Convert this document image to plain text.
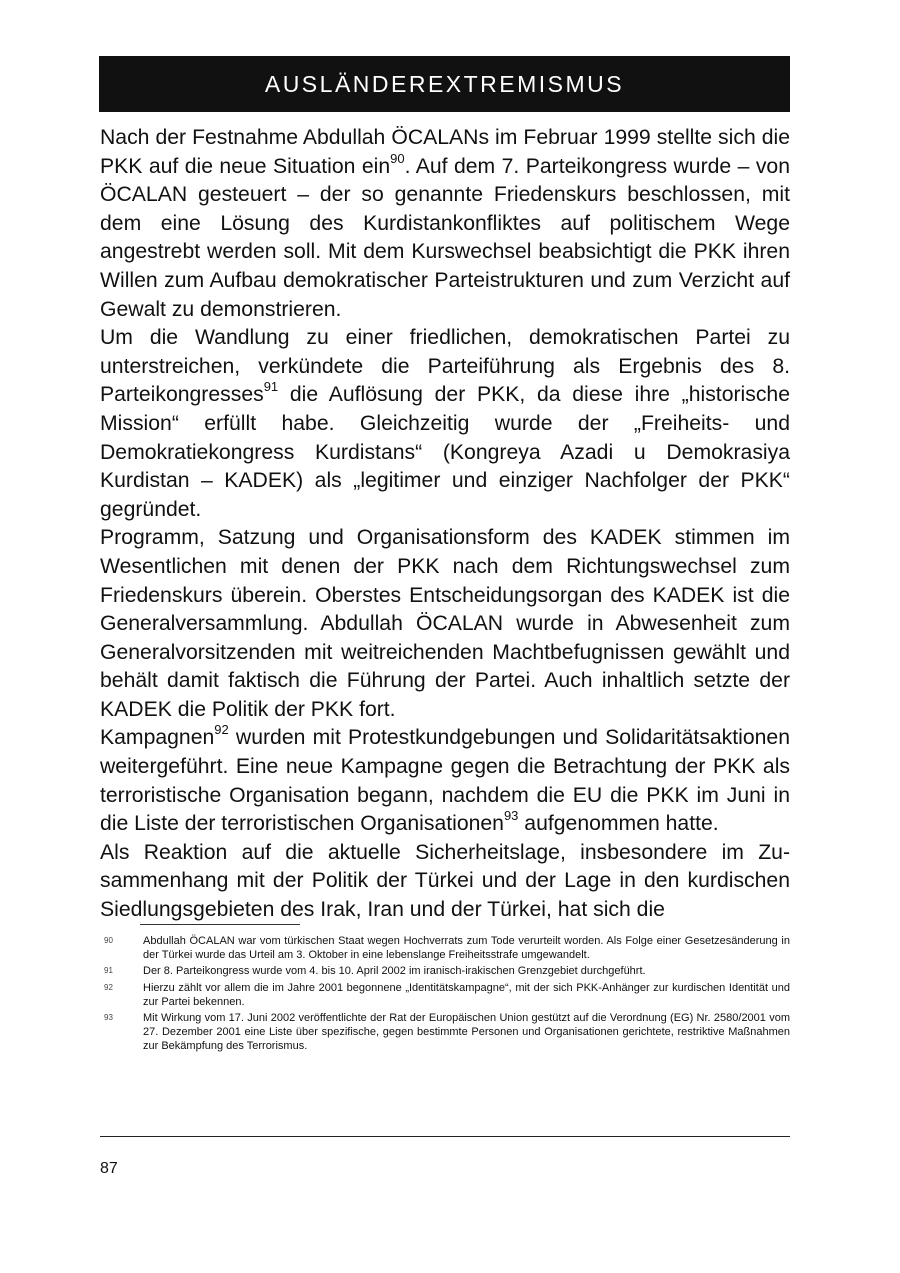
AUSLÄNDEREXTREMISMUS

Nach der Festnahme Abdullah ÖCALANs im Februar 1999 stellte sich die PKK auf die neue Situation ein$^{90}$. Auf dem 7. Parteikongress wurde – von ÖCALAN gesteuert – der so genannte Friedenskurs beschlossen, mit dem eine Lösung des Kurdistankonfliktes auf politischem Wege angestrebt werden soll. Mit dem Kurswechsel beabsichtigt die PKK ihren Willen zum Aufbau demokratischer Parteistrukturen und zum Verzicht auf Gewalt zu demonstrieren.

Um die Wandlung zu einer friedlichen, demokratischen Partei zu unterstreichen, verkündete die Parteiführung als Ergebnis des 8. Parteikongresses$^{91}$ die Auflösung der PKK, da diese ihre „historische Mission“ erfüllt habe. Gleichzeitig wurde der „Freiheits- und Demokratiekongress Kurdistans“ (Kongreya Azadi u Demokrasiya Kurdistan – KADEK) als „legitimer und einziger Nachfolger der PKK“ gegründet.

Programm, Satzung und Organisationsform des KADEK stimmen im Wesentlichen mit denen der PKK nach dem Richtungswechsel zum Friedenskurs überein. Oberstes Entscheidungsorgan des KADEK ist die Generalversammlung. Abdullah ÖCALAN wurde in Abwesenheit zum Generalvorsitzenden mit weitreichenden Machtbefugnissen gewählt und behält damit faktisch die Führung der Partei. Auch inhaltlich setzte der KADEK die Politik der PKK fort.

Kampagnen$^{92}$ wurden mit Protestkundgebungen und Solidaritätsaktionen weitergeführt. Eine neue Kampagne gegen die Betrachtung der PKK als terroristische Organisation begann, nachdem die EU die PKK im Juni in die Liste der terroristischen Organisationen$^{93}$ aufgenommen hatte.

Als Reaktion auf die aktuelle Sicherheitslage, insbesondere im Zusammenhang mit der Politik der Türkei und der Lage in den kurdischen Siedlungsgebieten des Irak, Iran und der Türkei, hat sich die

90	Abdullah ÖCALAN war vom türkischen Staat wegen Hochverrats zum Tode verurteilt worden. Als Folge einer Gesetzesänderung in der Türkei wurde das Urteil am 3. Oktober in eine lebenslange Freiheitsstrafe umgewandelt.
91	Der 8. Parteikongress wurde vom 4. bis 10. April 2002 im iranisch-irakischen Grenzgebiet durchgeführt.
92	Hierzu zählt vor allem die im Jahre 2001 begonnene „Identitätskampagne“, mit der sich PKK-Anhänger zur kurdischen Identität und zur Partei bekennen.
93	Mit Wirkung vom 17. Juni 2002 veröffentlichte der Rat der Europäischen Union gestützt auf die Verordnung (EG) Nr. 2580/2001 vom 27. Dezember 2001 eine Liste über spezifische, gegen bestimmte Personen und Organisationen gerichtete, restriktive Maßnahmen zur Bekämpfung des Terrorismus.
87
